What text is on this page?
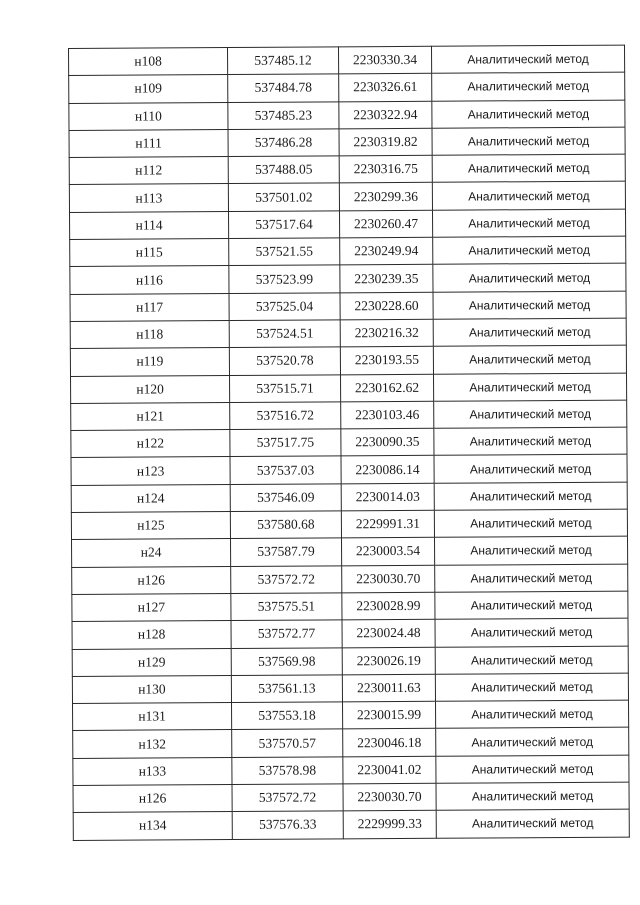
н108	537485.12	2230330.34	Аналитический метод
н109	537484.78	2230326.61	Аналитический метод
н110	537485.23	2230322.94	Аналитический метод
н111	537486.28	2230319.82	Аналитический метод
н112	537488.05	2230316.75	Аналитический метод
н113	537501.02	2230299.36	Аналитический метод
н114	537517.64	2230260.47	Аналитический метод
н115	537521.55	2230249.94	Аналитический метод
н116	537523.99	2230239.35	Аналитический метод
н117	537525.04	2230228.60	Аналитический метод
н118	537524.51	2230216.32	Аналитический метод
н119	537520.78	2230193.55	Аналитический метод
н120	537515.71	2230162.62	Аналитический метод
н121	537516.72	2230103.46	Аналитический метод
н122	537517.75	2230090.35	Аналитический метод
н123	537537.03	2230086.14	Аналитический метод
н124	537546.09	2230014.03	Аналитический метод
н125	537580.68	2229991.31	Аналитический метод
н24	537587.79	2230003.54	Аналитический метод
н126	537572.72	2230030.70	Аналитический метод
н127	537575.51	2230028.99	Аналитический метод
н128	537572.77	2230024.48	Аналитический метод
н129	537569.98	2230026.19	Аналитический метод
н130	537561.13	2230011.63	Аналитический метод
н131	537553.18	2230015.99	Аналитический метод
н132	537570.57	2230046.18	Аналитический метод
н133	537578.98	2230041.02	Аналитический метод
н126	537572.72	2230030.70	Аналитический метод
н134	537576.33	2229999.33	Аналитический метод
